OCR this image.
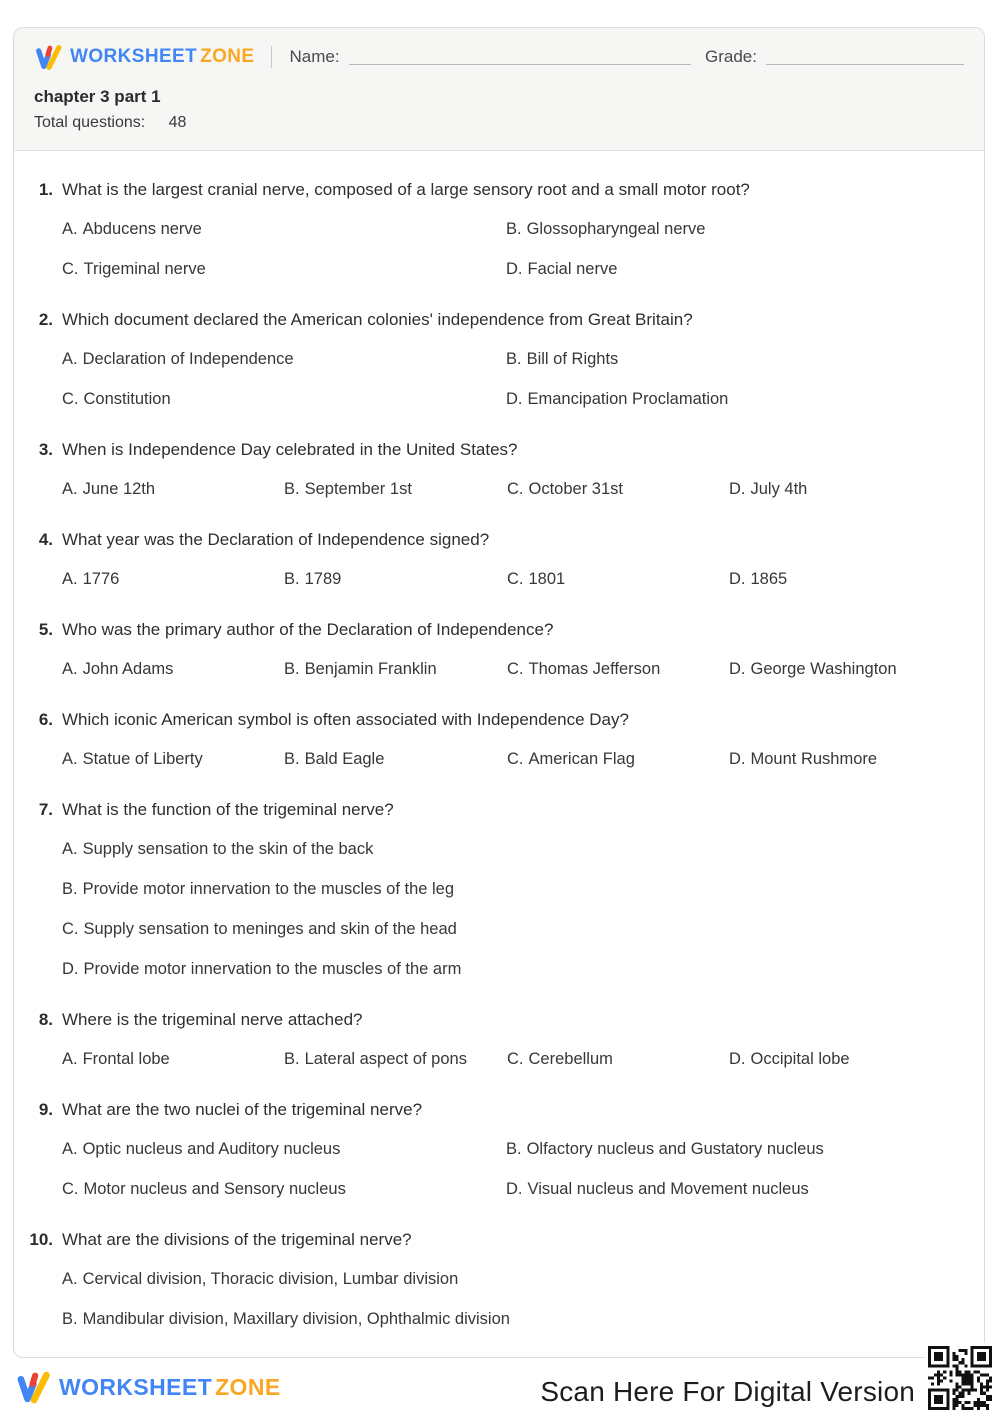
WORKSHEET ZONE Name:	Grade:
chapter 3 part 1
Total questions: 48
1. What is the largest cranial nerve, composed of a large sensory root and a small motor root?
A. Abducens nerve	B. Glossopharyngeal nerve
C. Trigeminal nerve	D. Facial nerve
2. Which document declared the American colonies' independence from Great Britain?
A. Declaration of Independence	B. Bill of Rights
C. Constitution	D. Emancipation Proclamation
3. When is Independence Day celebrated in the United States?
A. June 12th	B. September 1st	C. October 31st	D. July 4th
4. What year was the Declaration of Independence signed?
A. 1776	B. 1789	C. 1801	D. 1865
5. Who was the primary author of the Declaration of Independence?
A. John Adams	B. Benjamin Franklin	C. Thomas Jefferson	D. George Washington
6. Which iconic American symbol is often associated with Independence Day?
A. Statue of Liberty	B. Bald Eagle	C. American Flag	D. Mount Rushmore
7. What is the function of the trigeminal nerve?
A. Supply sensation to the skin of the back
B. Provide motor innervation to the muscles of the leg
C. Supply sensation to meninges and skin of the head
D. Provide motor innervation to the muscles of the arm
8. Where is the trigeminal nerve attached?
A. Frontal lobe	B. Lateral aspect of pons	C. Cerebellum	D. Occipital lobe
9. What are the two nuclei of the trigeminal nerve?
A. Optic nucleus and Auditory nucleus	B. Olfactory nucleus and Gustatory nucleus
C. Motor nucleus and Sensory nucleus	D. Visual nucleus and Movement nucleus
10. What are the divisions of the trigeminal nerve?
A. Cervical division, Thoracic division, Lumbar division
B. Mandibular division, Maxillary division, Ophthalmic division
WORKSHEET ZONE	Scan Here For Digital Version
